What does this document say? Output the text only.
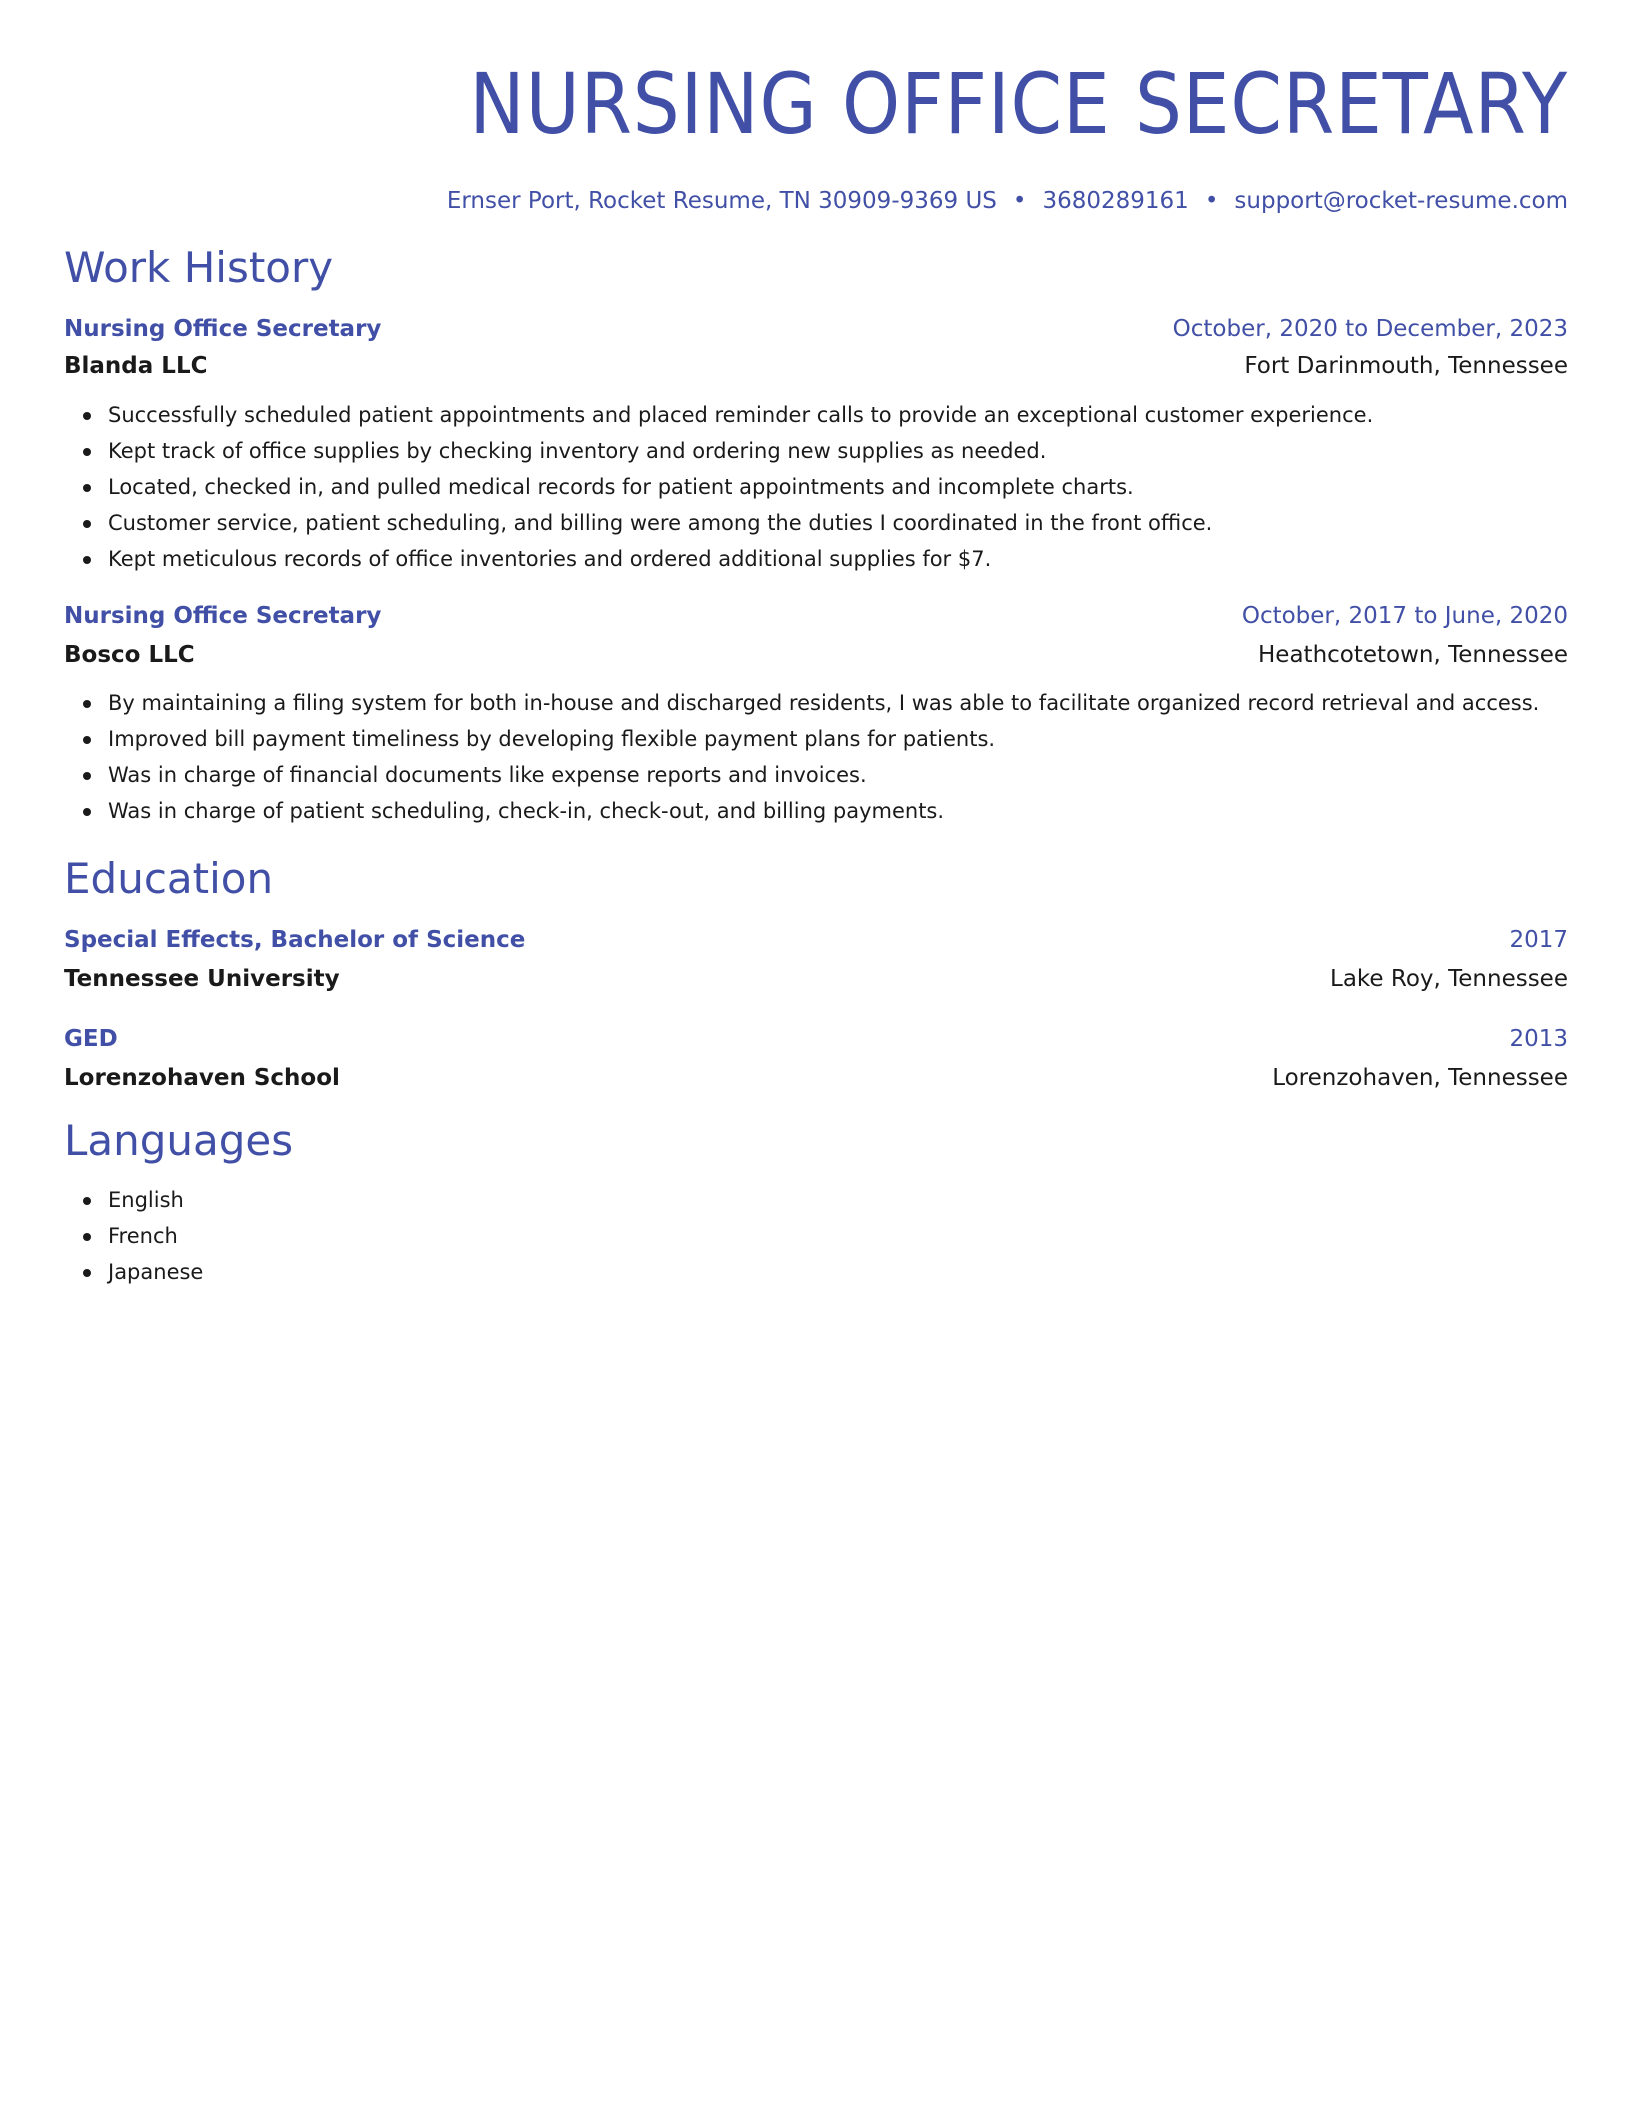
NURSING OFFICE SECRETARY
Ernser Port, Rocket Resume, TN 30909-9369 US • 3680289161 • support@rocket-resume.com
Work History
Nursing Office Secretary	October, 2020 to December, 2023
Blanda LLC	Fort Darinmouth, Tennessee
Successfully scheduled patient appointments and placed reminder calls to provide an exceptional customer experience.
Kept track of office supplies by checking inventory and ordering new supplies as needed.
Located, checked in, and pulled medical records for patient appointments and incomplete charts.
Customer service, patient scheduling, and billing were among the duties I coordinated in the front office.
Kept meticulous records of office inventories and ordered additional supplies for $7.
Nursing Office Secretary	October, 2017 to June, 2020
Bosco LLC	Heathcotetown, Tennessee
By maintaining a filing system for both in-house and discharged residents, I was able to facilitate organized record retrieval and access.
Improved bill payment timeliness by developing flexible payment plans for patients.
Was in charge of financial documents like expense reports and invoices.
Was in charge of patient scheduling, check-in, check-out, and billing payments.
Education
Special Effects, Bachelor of Science	2017
Tennessee University	Lake Roy, Tennessee
GED	2013
Lorenzohaven School	Lorenzohaven, Tennessee
Languages
English
French
Japanese
